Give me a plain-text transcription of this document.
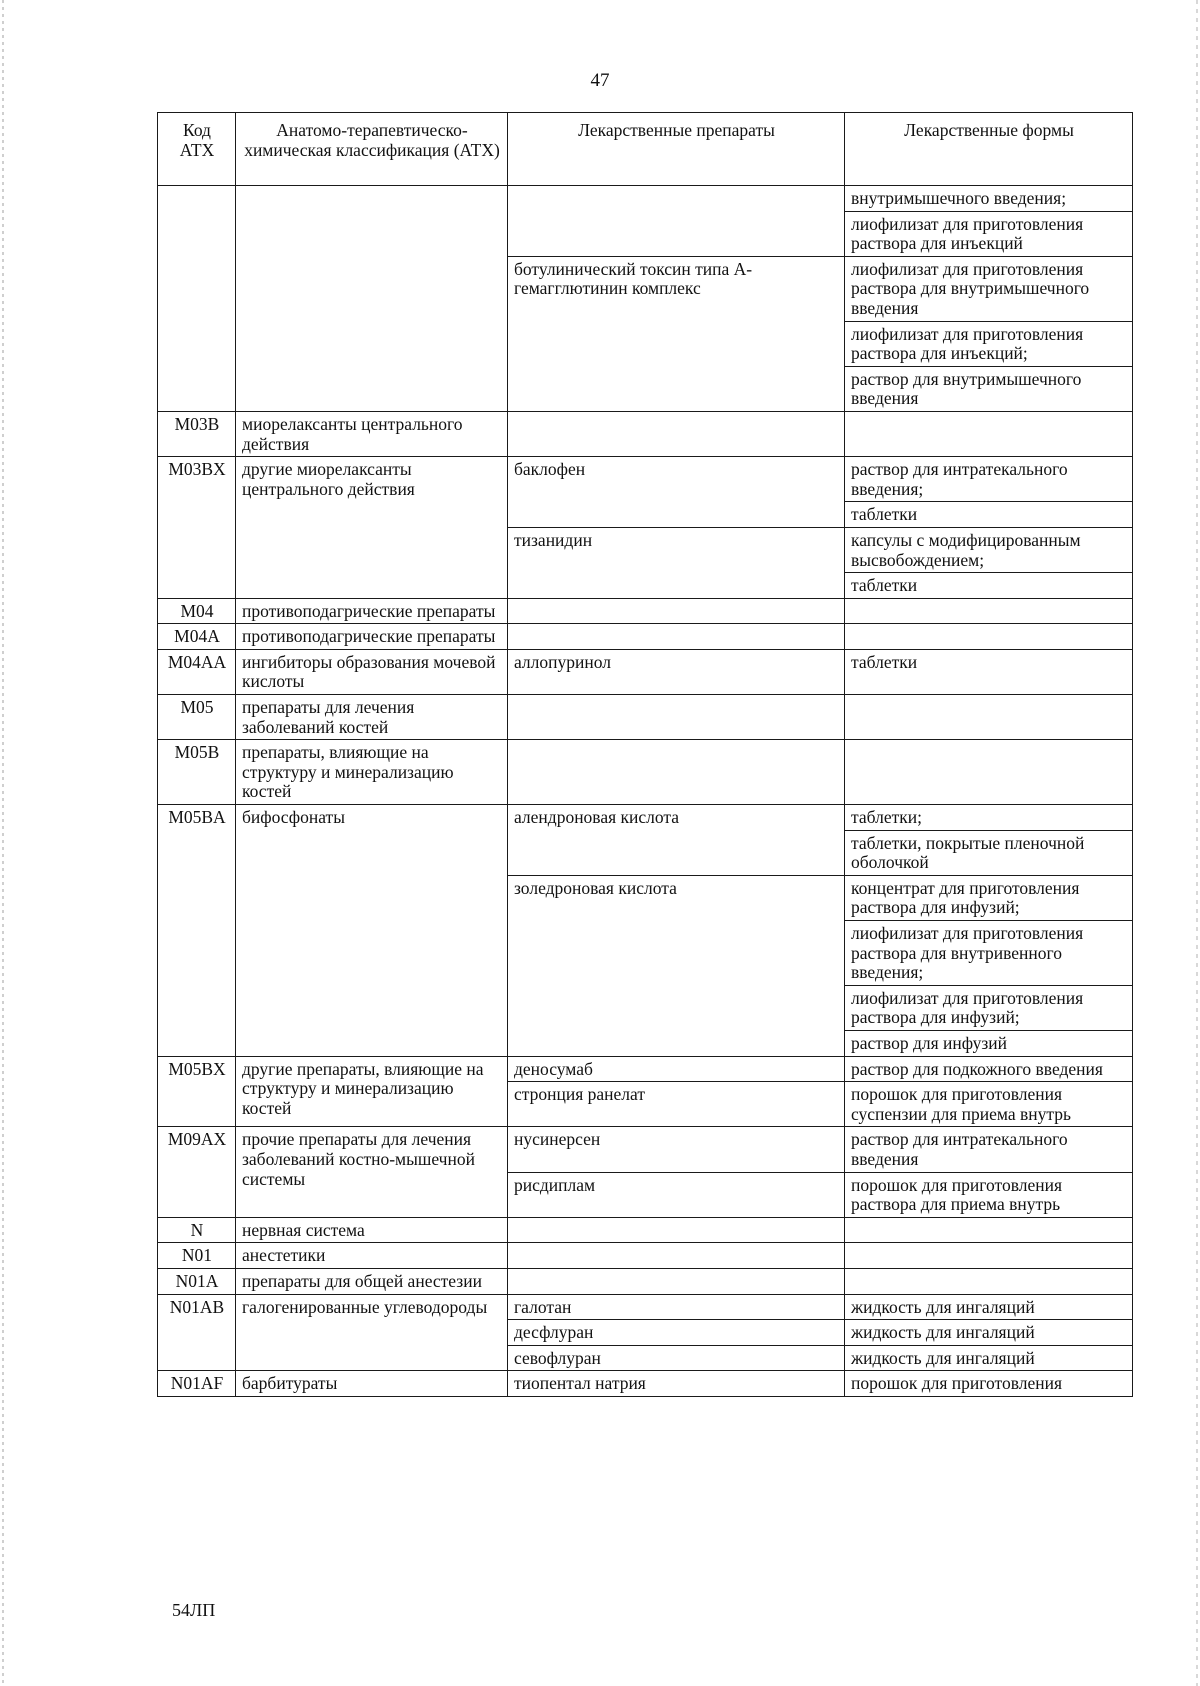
47
Код АТХ	Анатомо-терапевтическо-химическая классификация (АТХ)	Лекарственные препараты	Лекарственные формы
			внутримышечного введения;
			лиофилизат для приготовления раствора для инъекций
		ботулинический токсин типа A-гемагглютинин комплекс	лиофилизат для приготовления раствора для внутримышечного введения
			лиофилизат для приготовления раствора для инъекций;
			раствор для внутримышечного введения
M03B	миорелаксанты центрального действия		
M03BX	другие миорелаксанты центрального действия	баклофен	раствор для интратекального введения;
			таблетки
		тизанидин	капсулы с модифицированным высвобождением;
			таблетки
M04	противоподагрические препараты		
M04A	противоподагрические препараты		
M04AA	ингибиторы образования мочевой кислоты	аллопуринол	таблетки
M05	препараты для лечения заболеваний костей		
M05B	препараты, влияющие на структуру и минерализацию костей		
M05BA	бифосфонаты	алендроновая кислота	таблетки;
			таблетки, покрытые пленочной оболочкой
		золедроновая кислота	концентрат для приготовления раствора для инфузий;
			лиофилизат для приготовления раствора для внутривенного введения;
			лиофилизат для приготовления раствора для инфузий;
			раствор для инфузий
M05BX	другие препараты, влияющие на структуру и минерализацию костей	деносумаб	раствор для подкожного введения
		стронция ранелат	порошок для приготовления суспензии для приема внутрь
M09AX	прочие препараты для лечения заболеваний костно-мышечной системы	нусинерсен	раствор для интратекального введения
		рисдиплам	порошок для приготовления раствора для приема внутрь
N	нервная система		
N01	анестетики		
N01A	препараты для общей анестезии		
N01AB	галогенированные углеводороды	галотан	жидкость для ингаляций
		десфлуран	жидкость для ингаляций
		севофлуран	жидкость для ингаляций
N01AF	барбитураты	тиопентал натрия	порошок для приготовления
54ЛП
